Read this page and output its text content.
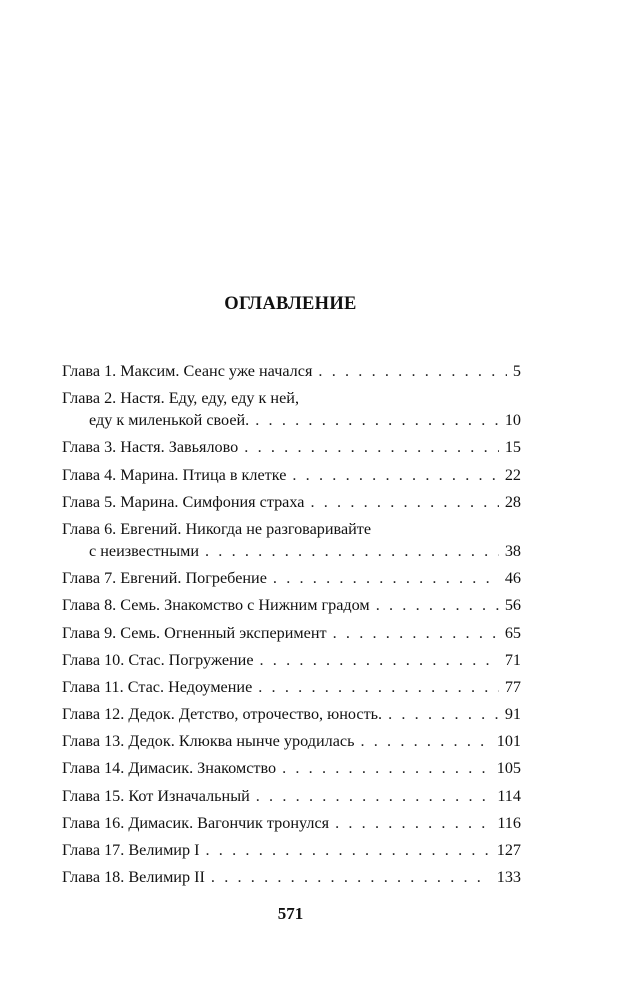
ОГЛАВЛЕНИЕ
Глава 1. Максим. Сеанс уже начался . . .	5
Глава 2. Настя. Еду, еду, еду к ней,
еду к миленькой своей. . . .	10
Глава 3. Настя. Завьялово . . .	15
Глава 4. Марина. Птица в клетке . . .	22
Глава 5. Марина. Симфония страха . . .	28
Глава 6. Евгений. Никогда не разговаривайте
с неизвестными . . .	38
Глава 7. Евгений. Погребение . . .	46
Глава 8. Семь. Знакомство с Нижним градом . . .	56
Глава 9. Семь. Огненный эксперимент . . .	65
Глава 10. Стас. Погружение . . .	71
Глава 11. Стас. Недоумение . . .	77
Глава 12. Дедок. Детство, отрочество, юность. . . .	91
Глава 13. Дедок. Клюква нынче уродилась . . .	101
Глава 14. Димасик. Знакомство . . .	105
Глава 15. Кот Изначальный . . .	114
Глава 16. Димасик. Вагончик тронулся . . .	116
Глава 17. Велимир I . . .	127
Глава 18. Велимир II . . .	133
571
